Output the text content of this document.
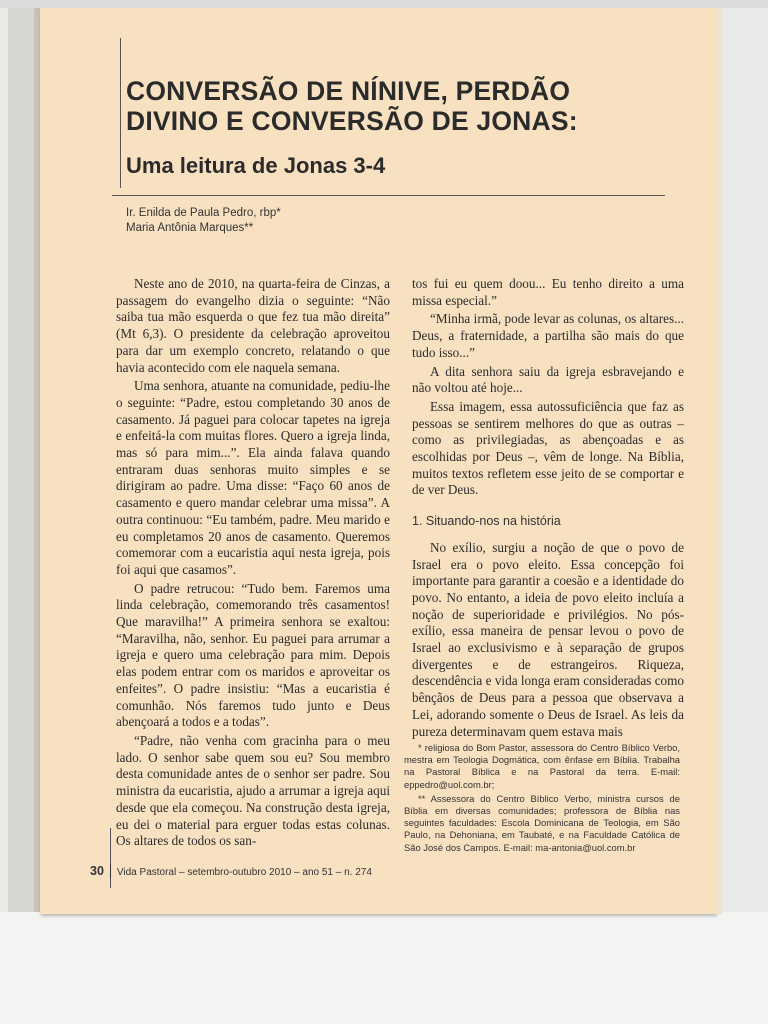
CONVERSÃO DE NÍNIVE, PERDÃO
DIVINO E CONVERSÃO DE JONAS:
Uma leitura de Jonas 3-4
Ir. Enilda de Paula Pedro, rbp*
Maria Antônia Marques**

Neste ano de 2010, na quarta-feira de Cinzas, a passagem do evangelho dizia o seguinte: “Não saiba tua mão esquerda o que fez tua mão direita” (Mt 6,3). O presidente da celebração aproveitou para dar um exemplo concreto, relatando o que havia acontecido com ele naquela semana.

Uma senhora, atuante na comunidade, pediu-lhe o seguinte: “Padre, estou completando 30 anos de casamento. Já paguei para colocar tapetes na igreja e enfeitá-la com muitas flores. Quero a igreja linda, mas só para mim...”. Ela ainda falava quando entraram duas senhoras muito simples e se dirigiram ao padre. Uma disse: “Faço 60 anos de casamento e quero mandar celebrar uma missa”. A outra continuou: “Eu também, padre. Meu marido e eu completamos 20 anos de casamento. Queremos comemorar com a eucaristia aqui nesta igreja, pois foi aqui que casamos”.

O padre retrucou: “Tudo bem. Faremos uma linda celebração, comemorando três casamentos! Que maravilha!” A primeira senhora se exaltou: “Maravilha, não, senhor. Eu paguei para arrumar a igreja e quero uma celebração para mim. Depois elas podem entrar com os maridos e aproveitar os enfeites”. O padre insistiu: “Mas a eucaristia é comunhão. Nós faremos tudo junto e Deus abençoará a todos e a todas”.

“Padre, não venha com gracinha para o meu lado. O senhor sabe quem sou eu? Sou membro desta comunidade antes de o senhor ser padre. Sou ministra da eucaristia, ajudo a arrumar a igreja aqui desde que ela começou. Na construção desta igreja, eu dei o material para erguer todas estas colunas. Os altares de todos os san-

tos fui eu quem doou... Eu tenho direito a uma missa especial.”

“Minha irmã, pode levar as colunas, os altares... Deus, a fraternidade, a partilha são mais do que tudo isso...”

A dita senhora saiu da igreja esbravejando e não voltou até hoje...

Essa imagem, essa autossuficiência que faz as pessoas se sentirem melhores do que as outras – como as privilegiadas, as abençoadas e as escolhidas por Deus –, vêm de longe. Na Bíblia, muitos textos refletem esse jeito de se comportar e de ver Deus.

1. Situando-nos na história

No exílio, surgiu a noção de que o povo de Israel era o povo eleito. Essa concepção foi importante para garantir a coesão e a identidade do povo. No entanto, a ideia de povo eleito incluía a noção de superioridade e privilégios. No pós-exílio, essa maneira de pensar levou o povo de Israel ao exclusivismo e à separação de grupos divergentes e de estrangeiros. Riqueza, descendência e vida longa eram consideradas como bênçãos de Deus para a pessoa que observava a Lei, adorando somente o Deus de Israel. As leis da pureza determinavam quem estava mais

* religiosa do Bom Pastor, assessora do Centro Bíblico Verbo, mestra em Teologia Dogmática, com ênfase em Bíblia. Trabalha na Pastoral Bíblica e na Pastoral da terra. E-mail: eppedro@uol.com.br;

** Assessora do Centro Bíblico Verbo, ministra cursos de Bíblia em diversas comunidades; professora de Bíblia nas seguintes faculdades: Escola Dominicana de Teologia, em São Paulo, na Dehoniana, em Taubaté, e na Faculdade Católica de São José dos Campos. E-mail: ma-antonia@uol.com.br

30 Vida Pastoral – setembro-outubro 2010 – ano 51 – n. 274
